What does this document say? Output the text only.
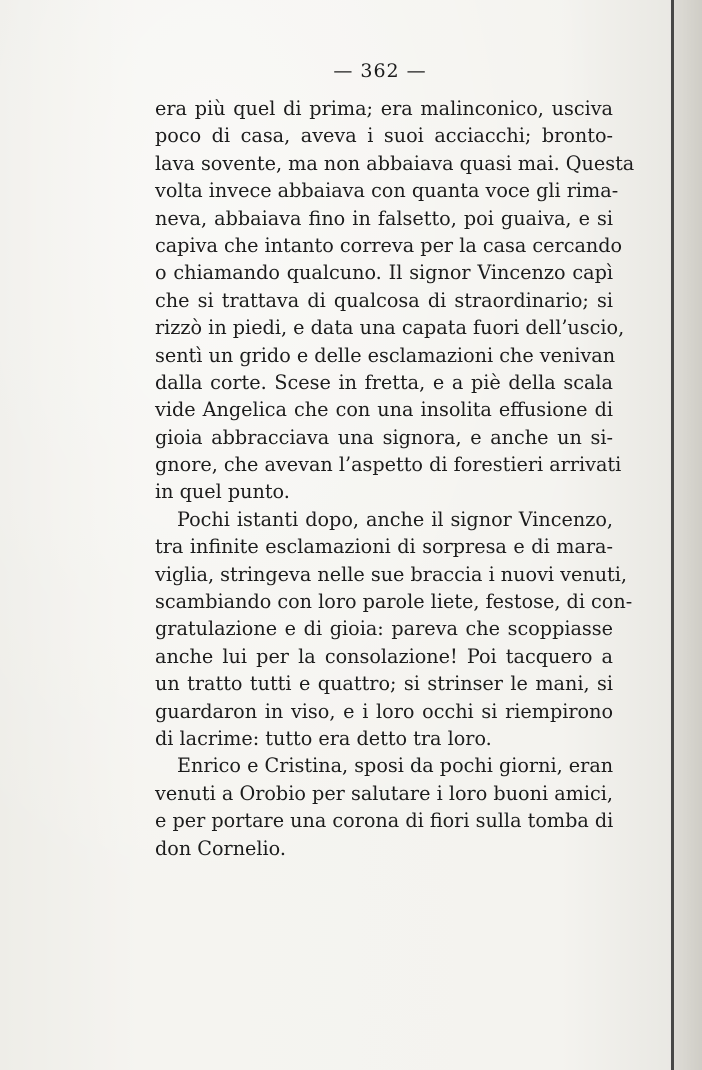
— 362 —
era più quel di prima; era malinconico, usciva
poco di casa, aveva i suoi acciacchi; bronto-
lava sovente, ma non abbaiava quasi mai. Questa
volta invece abbaiava con quanta voce gli rima-
neva, abbaiava fino in falsetto, poi guaiva, e si
capiva che intanto correva per la casa cercando
o chiamando qualcuno. Il signor Vincenzo capì
che si trattava di qualcosa di straordinario; si
rizzò in piedi, e data una capata fuori dell’uscio,
sentì un grido e delle esclamazioni che venivan
dalla corte. Scese in fretta, e a piè della scala
vide Angelica che con una insolita effusione di
gioia abbracciava una signora, e anche un si-
gnore, che avevan l’aspetto di forestieri arrivati
in quel punto.
Pochi istanti dopo, anche il signor Vincenzo,
tra infinite esclamazioni di sorpresa e di mara-
viglia, stringeva nelle sue braccia i nuovi venuti,
scambiando con loro parole liete, festose, di con-
gratulazione e di gioia: pareva che scoppiasse
anche lui per la consolazione! Poi tacquero a
un tratto tutti e quattro; si strinser le mani, si
guardaron in viso, e i loro occhi si riempirono
di lacrime: tutto era detto tra loro.
Enrico e Cristina, sposi da pochi giorni, eran
venuti a Orobio per salutare i loro buoni amici,
e per portare una corona di fiori sulla tomba di
don Cornelio.
